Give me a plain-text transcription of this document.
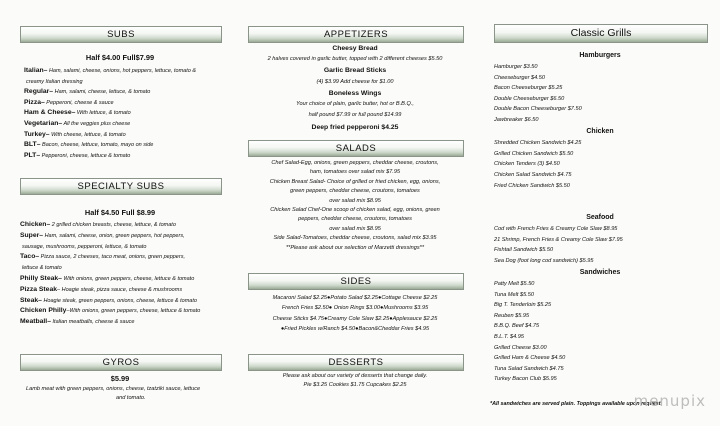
SUBS
Half $4.00 Full$7.99
Italian– Ham, salami, cheese, onions, hot peppers, lettuce, tomato &
creamy Italian dressing
Regular– Ham, salami, cheese, lettuce, & tomato
Pizza– Pepperoni, cheese & sauce
Ham & Cheese– With lettuce, & tomato
Vegetarian– All the veggies plus cheese
Turkey– With cheese, lettuce, & tomato
BLT– Bacon, cheese, lettuce, tomato, mayo on side
PLT– Pepperoni, cheese, lettuce & tomato
SPECIALTY SUBS
Half $4.50 Full $8.99
Chicken– 2 grilled chicken breasts, cheese, lettuce, & tomato
Super– Ham, salami, cheese, onion, green peppers, hot peppers,
sausage, mushrooms, pepperoni, lettuce, & tomato
Taco– Pizza sauce, 2 cheeses, taco meat, onions, green peppers,
lettuce & tomato
Philly Steak– With onions, green peppers, cheese, lettuce & tomato
Pizza Steak– Hoagie steak, pizza sauce, cheese & mushrooms
Steak– Hoagie steak, green peppers, onions, cheese, lettuce & tomato
Chicken Philly–With onions, green peppers, cheese, lettuce & tomato
Meatball– Italian meatballs, cheese & sauce
GYROS
$5.99
Lamb meat with green peppers, onions, cheese, tzatziki sauce, lettuce
and tomato.
APPETIZERS
Cheesy Bread
2 halves covered in garlic butter, topped with 2 different cheeses $5.50
Garlic Bread Sticks
(4) $3.99 Add cheese for $1.00
Boneless Wings
Your choice of plain, garlic butter, hot or B.B.Q.,
half pound $7.99 or full pound $14.99
Deep fried pepperoni $4.25
SALADS
Chef Salad-Egg, onions, green peppers, cheddar cheese, croutons,
ham, tomatoes over salad mix $7.95
Chicken Breast Salad- Choice of grilled or fried chicken, egg, onions,
green peppers, cheddar cheese, croutons, tomatoes
over salad mix $8.95
Chicken Salad Chef-One scoop of chicken salad, egg, onions, green
peppers, cheddar cheese, croutons, tomatoes
over salad mix $8.95
Side Salad-Tomatoes, cheddar cheese, croutons, salad mix $3.95
**Please ask about our selection of Marzetti dressings**
SIDES
Macaroni Salad $2.25●Potato Salad $2.25●Cottage Cheese $2.25
French Fries $2.50● Onion Rings $3.00●Mushrooms $3.95
Cheese Sticks $4.75●Creamy Cole Slaw $2.25●Applesauce $2.25
●Fried Pickles w/Ranch $4.50●Bacon&Cheddar Fries $4.95
DESSERTS
Please ask about our variety of desserts that change daily.
Pie $3.25 Cookies $1.75 Cupcakes $2.25
Classic Grills
Hamburgers
Hamburger $3.50
Cheeseburger $4.50
Bacon Cheeseburger $5.25
Double Cheeseburger $6.50
Double Bacon Cheeseburger $7.50
Jawbreaker $6.50
Chicken
Shredded Chicken Sandwich $4.25
Grilled Chicken Sandwich $5.50
Chicken Tenders (3) $4.50
Chicken Salad Sandwich $4.75
Fried Chicken Sandwich $5.50
Seafood
Cod with French Fries & Creamy Cole Slaw $8.95
21 Shrimp, French Fries & Creamy Cole Slaw $7.95
Fishtail Sandwich $5.50
Sea Dog (foot long cod sandwich) $5.95
Sandwiches
Patty Melt $5.50
Tuna Melt $5.50
Big T. Tenderloin $5.25
Reuben $5.95
B.B.Q. Beef $4.75
B.L.T. $4.95
Grilled Cheese $3.00
Grilled Ham & Cheese $4.50
Tuna Salad Sandwich $4.75
Turkey Bacon Club $5.95
*All sandwiches are served plain. Toppings available upon request.
menupix
